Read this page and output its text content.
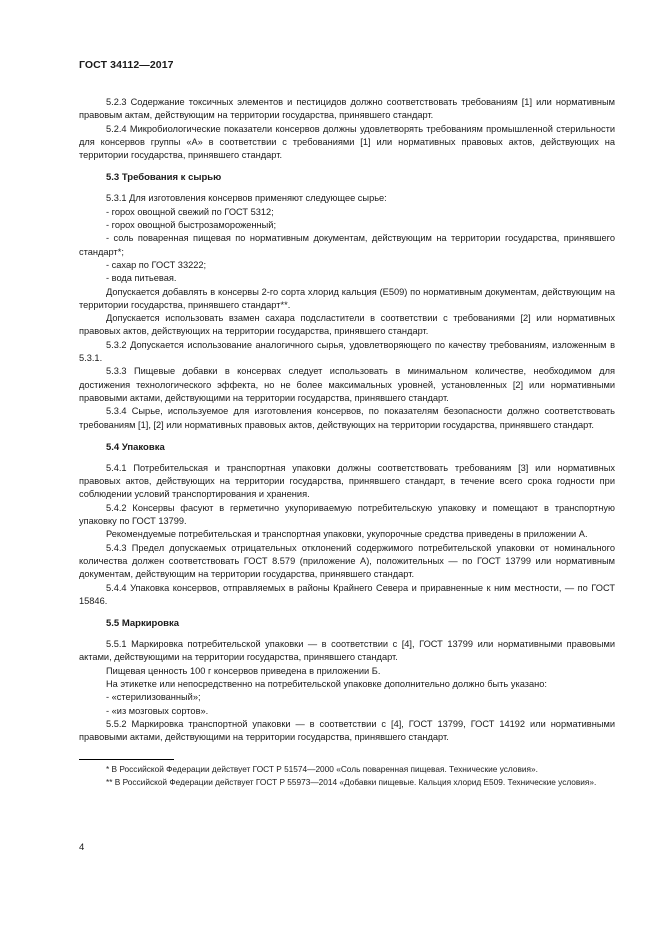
ГОСТ 34112—2017

5.2.3 Содержание токсичных элементов и пестицидов должно соответствовать требованиям [1] или нормативным правовым актам, действующим на территории государства, принявшего стандарт.

5.2.4 Микробиологические показатели консервов должны удовлетворять требованиям промышленной стерильности для консервов группы «А» в соответствии с требованиями [1] или нормативных правовых актов, действующих на территории государства, принявшего стандарт.

5.3 Требования к сырью

5.3.1 Для изготовления консервов применяют следующее сырье:

- горох овощной свежий по ГОСТ 5312;

- горох овощной быстрозамороженный;

- соль поваренная пищевая по нормативным документам, действующим на территории государства, принявшего стандарт*;

- сахар по ГОСТ 33222;

- вода питьевая.

Допускается добавлять в консервы 2-го сорта хлорид кальция (Е509) по нормативным документам, действующим на территории государства, принявшего стандарт**.

Допускается использовать взамен сахара подсластители в соответствии с требованиями [2] или нормативных правовых актов, действующих на территории государства, принявшего стандарт.

5.3.2 Допускается использование аналогичного сырья, удовлетворяющего по качеству требованиям, изложенным в 5.3.1.

5.3.3 Пищевые добавки в консервах следует использовать в минимальном количестве, необходимом для достижения технологического эффекта, но не более максимальных уровней, установленных [2] или нормативными правовыми актами, действующими на территории государства, принявшего стандарт.

5.3.4 Сырье, используемое для изготовления консервов, по показателям безопасности должно соответствовать требованиям [1], [2] или нормативных правовых актов, действующих на территории государства, принявшего стандарт.

5.4 Упаковка

5.4.1 Потребительская и транспортная упаковки должны соответствовать требованиям [3] или нормативных правовых актов, действующих на территории государства, принявшего стандарт, в течение всего срока годности при соблюдении условий транспортирования и хранения.

5.4.2 Консервы фасуют в герметично укупориваемую потребительскую упаковку и помещают в транспортную упаковку по ГОСТ 13799.

Рекомендуемые потребительская и транспортная упаковки, укупорочные средства приведены в приложении А.

5.4.3 Предел допускаемых отрицательных отклонений содержимого потребительской упаковки от номинального количества должен соответствовать ГОСТ 8.579 (приложение А), положительных — по ГОСТ 13799 или нормативным документам, действующим на территории государства, принявшего стандарт.

5.4.4 Упаковка консервов, отправляемых в районы Крайнего Севера и приравненные к ним местности, — по ГОСТ 15846.

5.5 Маркировка

5.5.1 Маркировка потребительской упаковки — в соответствии с [4], ГОСТ 13799 или нормативными правовыми актами, действующими на территории государства, принявшего стандарт.

Пищевая ценность 100 г консервов приведена в приложении Б.

На этикетке или непосредственно на потребительской упаковке дополнительно должно быть указано:

- «стерилизованный»;

- «из мозговых сортов».

5.5.2 Маркировка транспортной упаковки — в соответствии с [4], ГОСТ 13799, ГОСТ 14192 или нормативными правовыми актами, действующими на территории государства, принявшего стандарт.

* В Российской Федерации действует ГОСТ Р 51574—2000 «Соль поваренная пищевая. Технические условия».

** В Российской Федерации действует ГОСТ Р 55973—2014 «Добавки пищевые. Кальция хлорид Е509. Технические условия».

4
